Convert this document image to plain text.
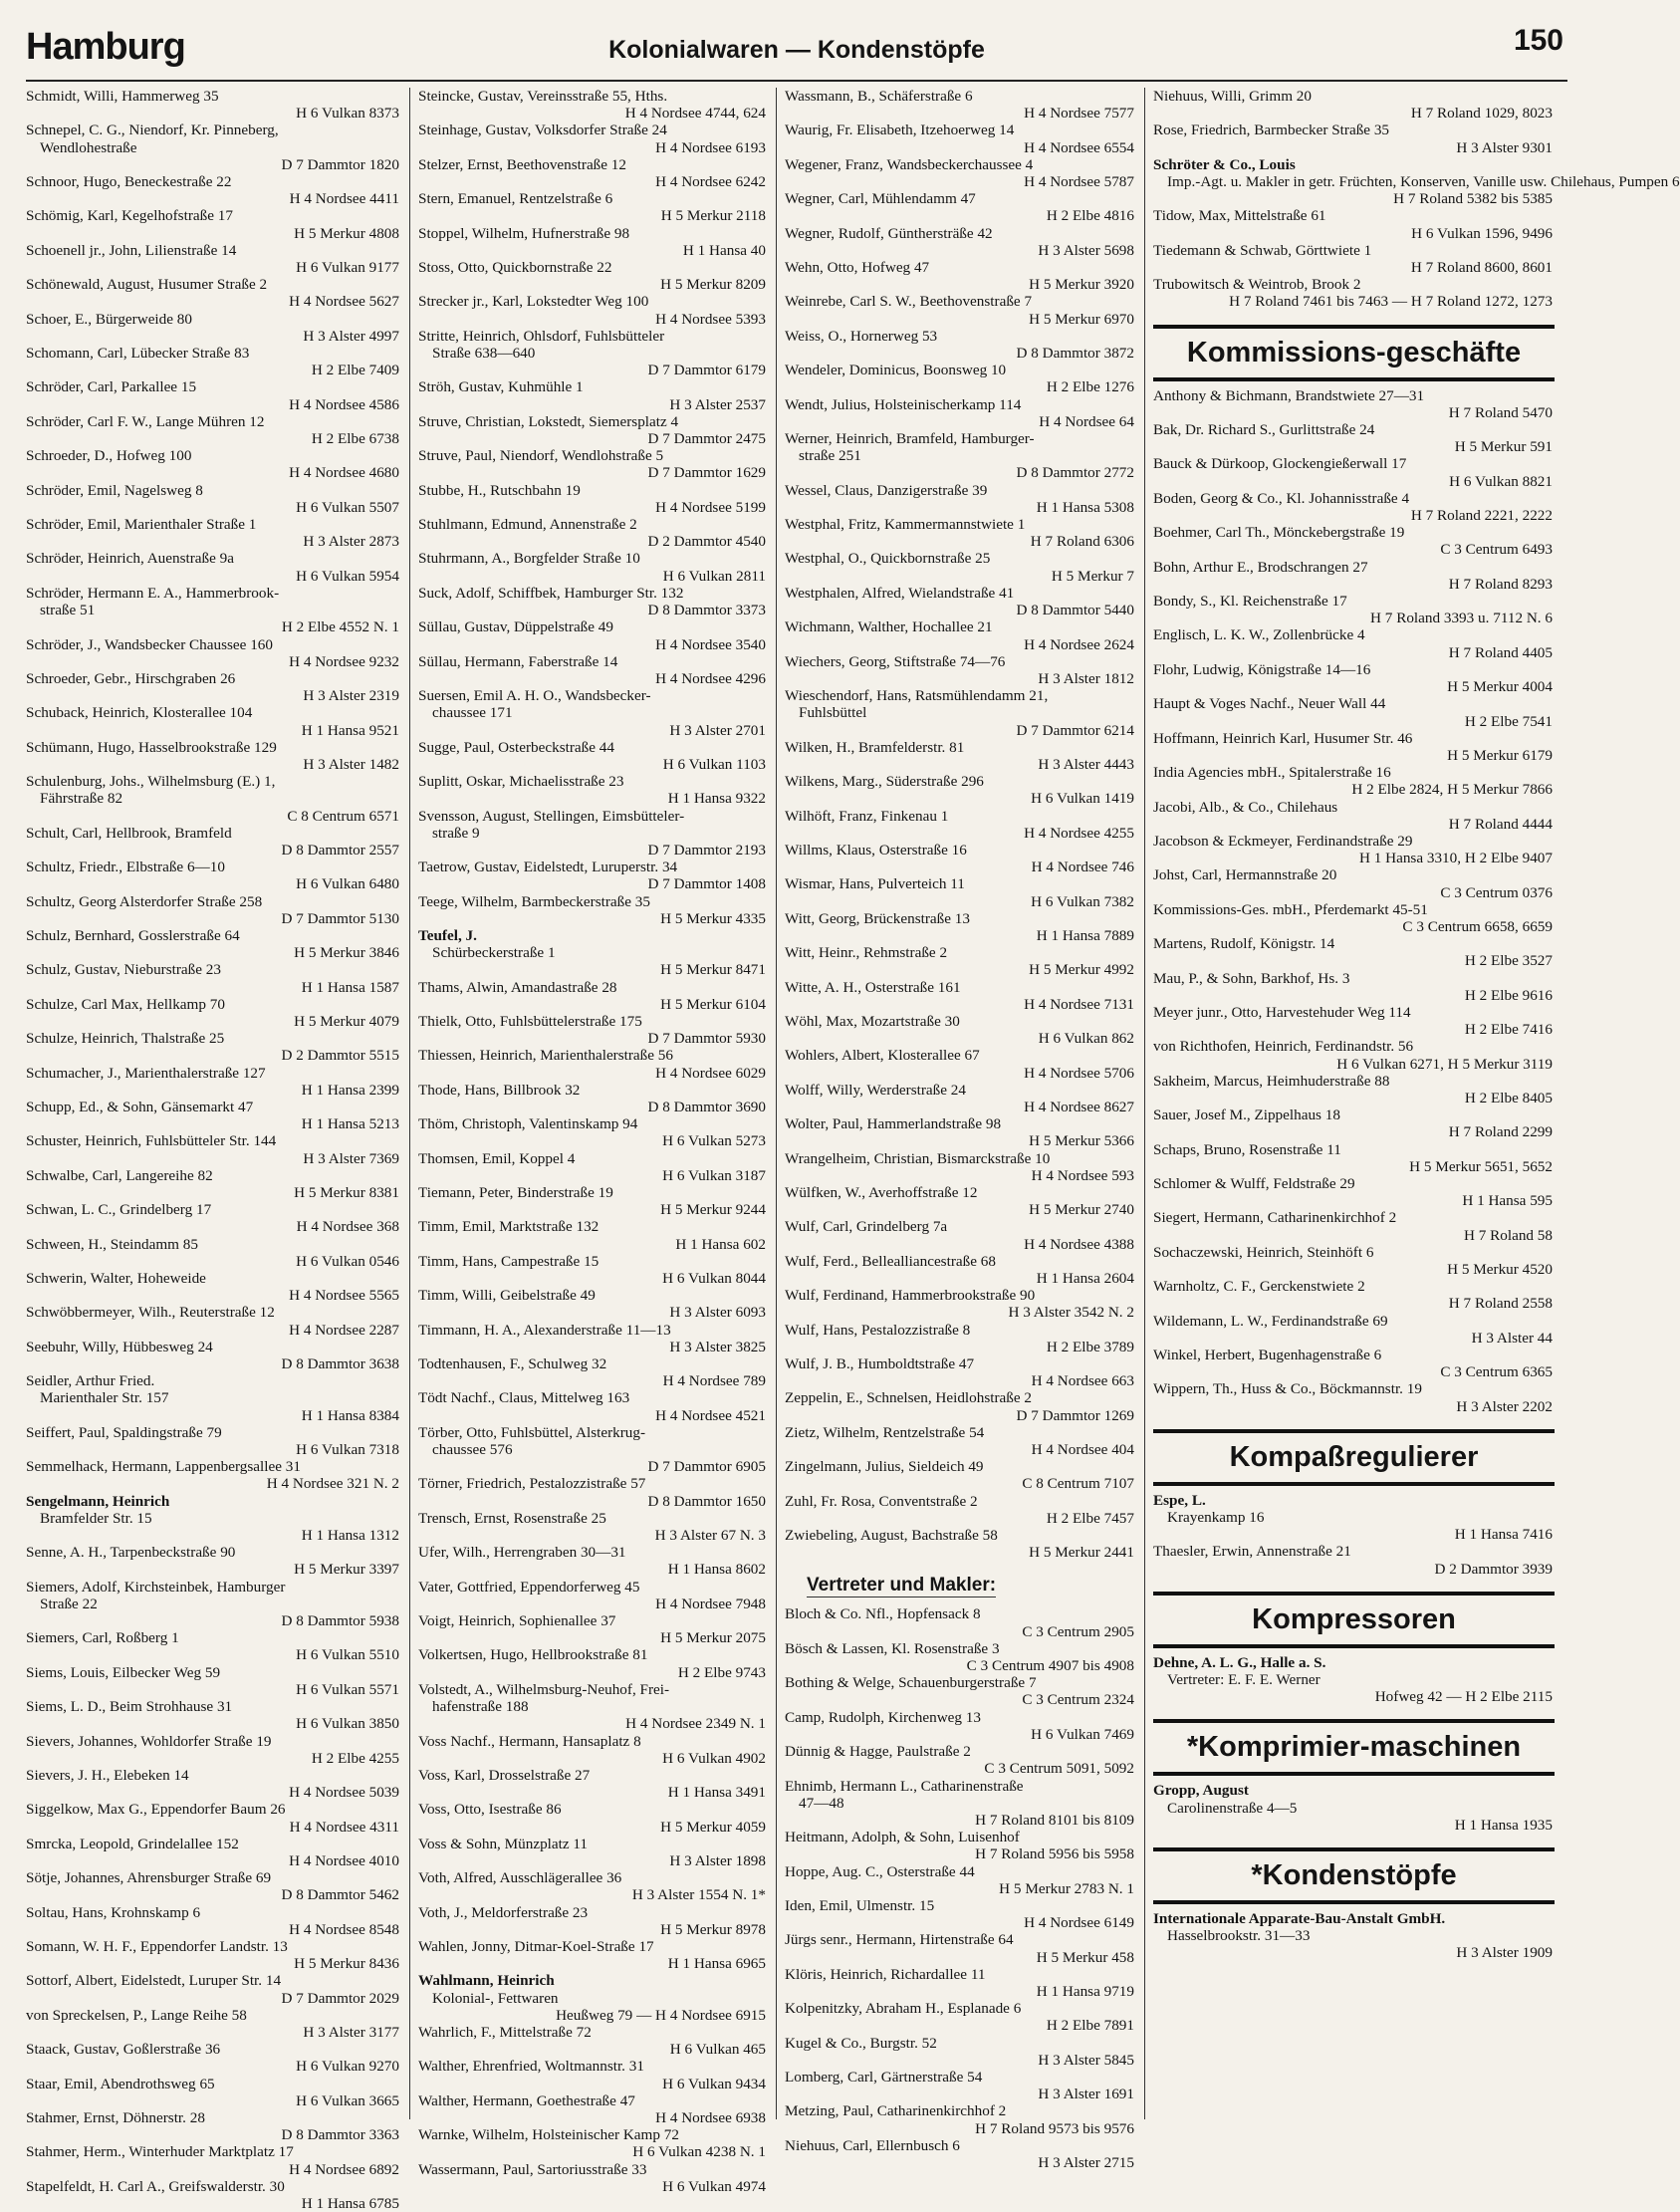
Hamburg	Kolonialwaren — Kondenstöpfe	150
Schmidt, Willi, Hammerweg 35
H 6 Vulkan 8373
Schnepel, C. G., Niendorf, Kr. Pinneberg,
Wendlohestraße
D 7 Dammtor 1820
Schnoor, Hugo, Beneckestraße 22
H 4 Nordsee 4411
Schömig, Karl, Kegelhofstraße 17
H 5 Merkur 4808
Schoenell jr., John, Lilienstraße 14
H 6 Vulkan 9177
Schönewald, August, Husumer Straße 2
H 4 Nordsee 5627
Schoer, E., Bürgerweide 80
H 3 Alster 4997
Schomann, Carl, Lübecker Straße 83
H 2 Elbe 7409
Schröder, Carl, Parkallee 15
H 4 Nordsee 4586
Schröder, Carl F. W., Lange Mühren 12
H 2 Elbe 6738
Schroeder, D., Hofweg 100
H 4 Nordsee 4680
Schröder, Emil, Nagelsweg 8
H 6 Vulkan 5507
Schröder, Emil, Marienthaler Straße 1
H 3 Alster 2873
Schröder, Heinrich, Auenstraße 9a
H 6 Vulkan 5954
Schröder, Hermann E. A., Hammerbrook-
straße 51
H 2 Elbe 4552 N. 1
Schröder, J., Wandsbecker Chaussee 160
H 4 Nordsee 9232
Schroeder, Gebr., Hirschgraben 26
H 3 Alster 2319
Schuback, Heinrich, Klosterallee 104
H 1 Hansa 9521
Schümann, Hugo, Hasselbrookstraße 129
H 3 Alster 1482
Schulenburg, Johs., Wilhelmsburg (E.) 1,
Fährstraße 82
C 8 Centrum 6571
Schult, Carl, Hellbrook, Bramfeld
D 8 Dammtor 2557
Schultz, Friedr., Elbstraße 6—10
H 6 Vulkan 6480
Schultz, Georg Alsterdorfer Straße 258
D 7 Dammtor 5130
Schulz, Bernhard, Gosslerstraße 64
H 5 Merkur 3846
Schulz, Gustav, Nieburstraße 23
H 1 Hansa 1587
Schulze, Carl Max, Hellkamp 70
H 5 Merkur 4079
Schulze, Heinrich, Thalstraße 25
D 2 Dammtor 5515
Schumacher, J., Marienthalerstraße 127
H 1 Hansa 2399
Schupp, Ed., & Sohn, Gänsemarkt 47
H 1 Hansa 5213
Schuster, Heinrich, Fuhlsbütteler Str. 144
H 3 Alster 7369
Schwalbe, Carl, Langereihe 82
H 5 Merkur 8381
Schwan, L. C., Grindelberg 17
H 4 Nordsee 368
Schween, H., Steindamm 85
H 6 Vulkan 0546
Schwerin, Walter, Hoheweide
H 4 Nordsee 5565
Schwöbbermeyer, Wilh., Reuterstraße 12
H 4 Nordsee 2287
Seebuhr, Willy, Hübbesweg 24
D 8 Dammtor 3638
Seidler, Arthur Fried.
Marienthaler Str. 157
H 1 Hansa 8384
Seiffert, Paul, Spaldingstraße 79
H 6 Vulkan 7318
Semmelhack, Hermann, Lappenbergsallee 31
H 4 Nordsee 321 N. 2
Sengelmann, Heinrich
Bramfelder Str. 15
H 1 Hansa 1312
Senne, A. H., Tarpenbeckstraße 90
H 5 Merkur 3397
Siemers, Adolf, Kirchsteinbek, Hamburger
Straße 22
D 8 Dammtor 5938
Siemers, Carl, Roßberg 1
H 6 Vulkan 5510
Siems, Louis, Eilbecker Weg 59
H 6 Vulkan 5571
Siems, L. D., Beim Strohhause 31
H 6 Vulkan 3850
Sievers, Johannes, Wohldorfer Straße 19
H 2 Elbe 4255
Sievers, J. H., Elebeken 14
H 4 Nordsee 5039
Siggelkow, Max G., Eppendorfer Baum 26
H 4 Nordsee 4311
Smrcka, Leopold, Grindelallee 152
H 4 Nordsee 4010
Sötje, Johannes, Ahrensburger Straße 69
D 8 Dammtor 5462
Soltau, Hans, Krohnskamp 6
H 4 Nordsee 8548
Somann, W. H. F., Eppendorfer Landstr. 13
H 5 Merkur 8436
Sottorf, Albert, Eidelstedt, Luruper Str. 14
D 7 Dammtor 2029
von Spreckelsen, P., Lange Reihe 58
H 3 Alster 3177
Staack, Gustav, Goßlerstraße 36
H 6 Vulkan 9270
Staar, Emil, Abendrothsweg 65
H 6 Vulkan 3665
Stahmer, Ernst, Döhnerstr. 28
D 8 Dammtor 3363
Stahmer, Herm., Winterhuder Marktplatz 17
H 4 Nordsee 6892
Stapelfeldt, H. Carl A., Greifswalderstr. 30
H 1 Hansa 6785
Steincke, Gustav, Vereinsstraße 55, Hths.
H 4 Nordsee 4744, 624
Steinhage, Gustav, Volksdorfer Straße 24
H 4 Nordsee 6193
Stelzer, Ernst, Beethovenstraße 12
H 4 Nordsee 6242
Stern, Emanuel, Rentzelstraße 6
H 5 Merkur 2118
Stoppel, Wilhelm, Hufnerstraße 98
H 1 Hansa 40
Stoss, Otto, Quickbornstraße 22
H 5 Merkur 8209
Strecker jr., Karl, Lokstedter Weg 100
H 4 Nordsee 5393
Stritte, Heinrich, Ohlsdorf, Fuhlsbütteler
Straße 638—640
D 7 Dammtor 6179
Ströh, Gustav, Kuhmühle 1
H 3 Alster 2537
Struve, Christian, Lokstedt, Siemersplatz 4
D 7 Dammtor 2475
Struve, Paul, Niendorf, Wendlohstraße 5
D 7 Dammtor 1629
Stubbe, H., Rutschbahn 19
H 4 Nordsee 5199
Stuhlmann, Edmund, Annenstraße 2
D 2 Dammtor 4540
Stuhrmann, A., Borgfelder Straße 10
H 6 Vulkan 2811
Suck, Adolf, Schiffbek, Hamburger Str. 132
D 8 Dammtor 3373
Süllau, Gustav, Düppelstraße 49
H 4 Nordsee 3540
Süllau, Hermann, Faberstraße 14
H 4 Nordsee 4296
Suersen, Emil A. H. O., Wandsbecker-
chaussee 171
H 3 Alster 2701
Sugge, Paul, Osterbeckstraße 44
H 6 Vulkan 1103
Suplitt, Oskar, Michaelisstraße 23
H 1 Hansa 9322
Svensson, August, Stellingen, Eimsbütteler-
straße 9
D 7 Dammtor 2193
Taetrow, Gustav, Eidelstedt, Luruperstr. 34
D 7 Dammtor 1408
Teege, Wilhelm, Barmbeckerstraße 35
H 5 Merkur 4335
Teufel, J.
Schürbeckerstraße 1
H 5 Merkur 8471
Thams, Alwin, Amandastraße 28
H 5 Merkur 6104
Thielk, Otto, Fuhlsbüttelerstraße 175
D 7 Dammtor 5930
Thiessen, Heinrich, Marienthalerstraße 56
H 4 Nordsee 6029
Thode, Hans, Billbrook 32
D 8 Dammtor 3690
Thöm, Christoph, Valentinskamp 94
H 6 Vulkan 5273
Thomsen, Emil, Koppel 4
H 6 Vulkan 3187
Tiemann, Peter, Binderstraße 19
H 5 Merkur 9244
Timm, Emil, Marktstraße 132
H 1 Hansa 602
Timm, Hans, Campestraße 15
H 6 Vulkan 8044
Timm, Willi, Geibelstraße 49
H 3 Alster 6093
Timmann, H. A., Alexanderstraße 11—13
H 3 Alster 3825
Todtenhausen, F., Schulweg 32
H 4 Nordsee 789
Tödt Nachf., Claus, Mittelweg 163
H 4 Nordsee 4521
Törber, Otto, Fuhlsbüttel, Alsterkrug-
chaussee 576
D 7 Dammtor 6905
Törner, Friedrich, Pestalozzistraße 57
D 8 Dammtor 1650
Trensch, Ernst, Rosenstraße 25
H 3 Alster 67 N. 3
Ufer, Wilh., Herrengraben 30—31
H 1 Hansa 8602
Vater, Gottfried, Eppendorferweg 45
H 4 Nordsee 7948
Voigt, Heinrich, Sophienallee 37
H 5 Merkur 2075
Volkertsen, Hugo, Hellbrookstraße 81
H 2 Elbe 9743
Volstedt, A., Wilhelmsburg-Neuhof, Frei-
hafenstraße 188
H 4 Nordsee 2349 N. 1
Voss Nachf., Hermann, Hansaplatz 8
H 6 Vulkan 4902
Voss, Karl, Drosselstraße 27
H 1 Hansa 3491
Voss, Otto, Isestraße 86
H 5 Merkur 4059
Voss & Sohn, Münzplatz 11
H 3 Alster 1898
Voth, Alfred, Ausschlägerallee 36
H 3 Alster 1554 N. 1*
Voth, J., Meldorferstraße 23
H 5 Merkur 8978
Wahlen, Jonny, Ditmar-Koel-Straße 17
H 1 Hansa 6965
Wahlmann, Heinrich
Kolonial-, Fettwaren
Heußweg 79 — H 4 Nordsee 6915
Wahrlich, F., Mittelstraße 72
H 6 Vulkan 465
Walther, Ehrenfried, Woltmannstr. 31
H 6 Vulkan 9434
Walther, Hermann, Goethestraße 47
H 4 Nordsee 6938
Warnke, Wilhelm, Holsteinischer Kamp 72
H 6 Vulkan 4238 N. 1
Wassermann, Paul, Sartoriusstraße 33
H 6 Vulkan 4974
Wassmann, B., Schäferstraße 6
H 4 Nordsee 7577
Waurig, Fr. Elisabeth, Itzehoerweg 14
H 4 Nordsee 6554
Wegener, Franz, Wandsbeckerchaussee 4
H 4 Nordsee 5787
Wegner, Carl, Mühlendamm 47
H 2 Elbe 4816
Wegner, Rudolf, Günthersträße 42
H 3 Alster 5698
Wehn, Otto, Hofweg 47
H 5 Merkur 3920
Weinrebe, Carl S. W., Beethovenstraße 7
H 5 Merkur 6970
Weiss, O., Hornerweg 53
D 8 Dammtor 3872
Wendeler, Dominicus, Boonsweg 10
H 2 Elbe 1276
Wendt, Julius, Holsteinischerkamp 114
H 4 Nordsee 64
Werner, Heinrich, Bramfeld, Hamburger-
straße 251
D 8 Dammtor 2772
Wessel, Claus, Danzigerstraße 39
H 1 Hansa 5308
Westphal, Fritz, Kammermannstwiete 1
H 7 Roland 6306
Westphal, O., Quickbornstraße 25
H 5 Merkur 7
Westphalen, Alfred, Wielandstraße 41
D 8 Dammtor 5440
Wichmann, Walther, Hochallee 21
H 4 Nordsee 2624
Wiechers, Georg, Stiftstraße 74—76
H 3 Alster 1812
Wieschendorf, Hans, Ratsmühlendamm 21,
Fuhlsbüttel
D 7 Dammtor 6214
Wilken, H., Bramfelderstr. 81
H 3 Alster 4443
Wilkens, Marg., Süderstraße 296
H 6 Vulkan 1419
Wilhöft, Franz, Finkenau 1
H 4 Nordsee 4255
Willms, Klaus, Osterstraße 16
H 4 Nordsee 746
Wismar, Hans, Pulverteich 11
H 6 Vulkan 7382
Witt, Georg, Brückenstraße 13
H 1 Hansa 7889
Witt, Heinr., Rehmstraße 2
H 5 Merkur 4992
Witte, A. H., Osterstraße 161
H 4 Nordsee 7131
Wöhl, Max, Mozartstraße 30
H 6 Vulkan 862
Wohlers, Albert, Klosterallee 67
H 4 Nordsee 5706
Wolff, Willy, Werderstraße 24
H 4 Nordsee 8627
Wolter, Paul, Hammerlandstraße 98
H 5 Merkur 5366
Wrangelheim, Christian, Bismarckstraße 10
H 4 Nordsee 593
Wülfken, W., Averhoffstraße 12
H 5 Merkur 2740
Wulf, Carl, Grindelberg 7a
H 4 Nordsee 4388
Wulf, Ferd., Bellealliancestraße 68
H 1 Hansa 2604
Wulf, Ferdinand, Hammerbrookstraße 90
H 3 Alster 3542 N. 2
Wulf, Hans, Pestalozzistraße 8
H 2 Elbe 3789
Wulf, J. B., Humboldtstraße 47
H 4 Nordsee 663
Zeppelin, E., Schnelsen, Heidlohstraße 2
D 7 Dammtor 1269
Zietz, Wilhelm, Rentzelstraße 54
H 4 Nordsee 404
Zingelmann, Julius, Sieldeich 49
C 8 Centrum 7107
Zuhl, Fr. Rosa, Conventstraße 2
H 2 Elbe 7457
Zwiebeling, August, Bachstraße 58
H 5 Merkur 2441
Vertreter und Makler:
Bloch & Co. Nfl., Hopfensack 8
C 3 Centrum 2905
Bösch & Lassen, Kl. Rosenstraße 3
C 3 Centrum 4907 bis 4908
Bothing & Welge, Schauenburgerstraße 7
C 3 Centrum 2324
Camp, Rudolph, Kirchenweg 13
H 6 Vulkan 7469
Dünnig & Hagge, Paulstraße 2
C 3 Centrum 5091, 5092
Ehnimb, Hermann L., Catharinenstraße
47—48
H 7 Roland 8101 bis 8109
Heitmann, Adolph, & Sohn, Luisenhof
H 7 Roland 5956 bis 5958
Hoppe, Aug. C., Osterstraße 44
H 5 Merkur 2783 N. 1
Iden, Emil, Ulmenstr. 15
H 4 Nordsee 6149
Jürgs senr., Hermann, Hirtenstraße 64
H 5 Merkur 458
Klöris, Heinrich, Richardallee 11
H 1 Hansa 9719
Kolpenitzky, Abraham H., Esplanade 6
H 2 Elbe 7891
Kugel & Co., Burgstr. 52
H 3 Alster 5845
Lomberg, Carl, Gärtnerstraße 54
H 3 Alster 1691
Metzing, Paul, Catharinenkirchhof 2
H 7 Roland 9573 bis 9576
Niehuus, Carl, Ellernbusch 6
H 3 Alster 2715
Niehuus, Willi, Grimm 20
H 7 Roland 1029, 8023
Rose, Friedrich, Barmbecker Straße 35
H 3 Alster 9301
Schröter & Co., Louis
Imp.-Agt. u. Makler in getr. Früchten, Konserven, Vanille usw. Chilehaus, Pumpen 6
H 7 Roland 5382 bis 5385
Tidow, Max, Mittelstraße 61
H 6 Vulkan 1596, 9496
Tiedemann & Schwab, Görttwiete 1
H 7 Roland 8600, 8601
Trubowitsch & Weintrob, Brook 2
H 7 Roland 7461 bis 7463 — H 7 Roland 1272, 1273
Kommissions-geschäfte
Anthony & Bichmann, Brandstwiete 27—31
H 7 Roland 5470
Bak, Dr. Richard S., Gurlittstraße 24
H 5 Merkur 591
Bauck & Dürkoop, Glockengießerwall 17
H 6 Vulkan 8821
Boden, Georg & Co., Kl. Johannisstraße 4
H 7 Roland 2221, 2222
Boehmer, Carl Th., Mönckebergstraße 19
C 3 Centrum 6493
Bohn, Arthur E., Brodschrangen 27
H 7 Roland 8293
Bondy, S., Kl. Reichenstraße 17
H 7 Roland 3393 u. 7112 N. 6
Englisch, L. K. W., Zollenbrücke 4
H 7 Roland 4405
Flohr, Ludwig, Königstraße 14—16
H 5 Merkur 4004
Haupt & Voges Nachf., Neuer Wall 44
H 2 Elbe 7541
Hoffmann, Heinrich Karl, Husumer Str. 46
H 5 Merkur 6179
India Agencies mbH., Spitalerstraße 16
H 2 Elbe 2824, H 5 Merkur 7866
Jacobi, Alb., & Co., Chilehaus
H 7 Roland 4444
Jacobson & Eckmeyer, Ferdinandstraße 29
H 1 Hansa 3310, H 2 Elbe 9407
Johst, Carl, Hermannstraße 20
C 3 Centrum 0376
Kommissions-Ges. mbH., Pferdemarkt 45-51
C 3 Centrum 6658, 6659
Martens, Rudolf, Königstr. 14
H 2 Elbe 3527
Mau, P., & Sohn, Barkhof, Hs. 3
H 2 Elbe 9616
Meyer junr., Otto, Harvestehuder Weg 114
H 2 Elbe 7416
von Richthofen, Heinrich, Ferdinandstr. 56
H 6 Vulkan 6271, H 5 Merkur 3119
Sakheim, Marcus, Heimhuderstraße 88
H 2 Elbe 8405
Sauer, Josef M., Zippelhaus 18
H 7 Roland 2299
Schaps, Bruno, Rosenstraße 11
H 5 Merkur 5651, 5652
Schlomer & Wulff, Feldstraße 29
H 1 Hansa 595
Siegert, Hermann, Catharinenkirchhof 2
H 7 Roland 58
Sochaczewski, Heinrich, Steinhöft 6
H 5 Merkur 4520
Warnholtz, C. F., Gerckenstwiete 2
H 7 Roland 2558
Wildemann, L. W., Ferdinandstraße 69
H 3 Alster 44
Winkel, Herbert, Bugenhagenstraße 6
C 3 Centrum 6365
Wippern, Th., Huss & Co., Böckmannstr. 19
H 3 Alster 2202
Kompaßregulierer
Espe, L.
Krayenkamp 16
H 1 Hansa 7416
Thaesler, Erwin, Annenstraße 21
D 2 Dammtor 3939
Kompressoren
Dehne, A. L. G., Halle a. S.
Vertreter: E. F. E. Werner
Hofweg 42 — H 2 Elbe 2115
*Komprimier-maschinen
Gropp, August
Carolinenstraße 4—5
H 1 Hansa 1935
*Kondenstöpfe
Internationale Apparate-Bau-Anstalt GmbH.
Hasselbrookstr. 31—33
H 3 Alster 1909
